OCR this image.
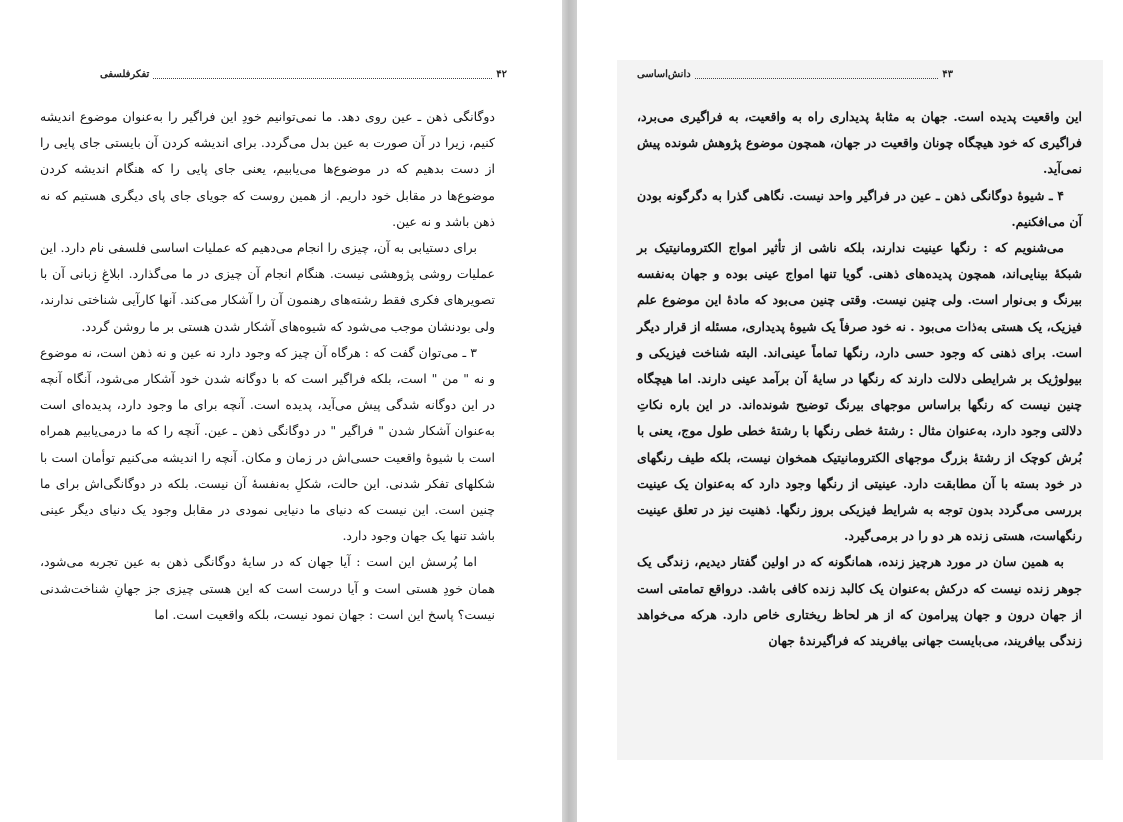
۴۲
تفکرفلسفی

دوگانگی ذهن ـ عین روی دهد. ما نمی‌توانیم خودِ این فراگیر را به‌عنوان موضوع اندیشه کنیم، زیرا در آن صورت به عین بدل می‌گردد. برای اندیشه کردن آن بایستی جای پایی را از دست بدهیم که در موضوع‌ها می‌یابیم، یعنی جای پایی را که هنگام اندیشه کردن موضوع‌ها در مقابل خود داریم. از همین روست که جویای جای پای دیگری هستیم که نه ذهن باشد و نه عین.

برای دستیابی به آن، چیزی را انجام می‌دهیم که عملیات اساسی فلسفی نام دارد. این عملیات روشی پژوهشی نیست. هنگام انجام آن چیزی در ما می‌گذارد. ابلاغِ زبانی آن با تصویرهای فکری فقط رشته‌های رهنمون آن را آشکار می‌کند. آنها کارآیی شناختی ندارند، ولی بودنشان موجب می‌شود که شیوه‌های آشکار شدن هستی بر ما روشن گردد.

۳ ـ می‌توان گفت که : هرگاه آن چیز که وجود دارد نه عین و نه ذهن است، نه موضوع و نه " من " است، بلکه فراگیر است که با دوگانه شدن خود آشکار می‌شود، آنگاه آنچه در این دوگانه شدگی پیش می‌آید، پدیده است. آنچه برای ما وجود دارد، پدیده‌ای است به‌عنوان آشکار شدن " فراگیر " در دوگانگی ذهن ـ عین. آنچه را که ما درمی‌یابیم همراه است با شیوهٔ واقعیت حسی‌اش در زمان و مکان. آنچه را اندیشه می‌کنیم توأمان است با شکلهای تفکر شدنی. این حالت، شکلِ به‌نفسهٔ آن نیست. بلکه در دوگانگی‌اش برای ما چنین است. این نیست که دنیای ما دنیایی نمودی در مقابل وجود یک دنیای دیگر عینی باشد تنها یک جهان وجود دارد.

اما پُرسش این است : آیا جهان که در سایهٔ دوگانگی ذهن به عین تجربه می‌شود، همان خودِ هستی است و آیا درست است که این هستی چیزی جز جهانِ شناخت‌شدنی نیست؟ پاسخ این است : جهان نمود نیست، بلکه واقعیت است. اما

۴۳
دانش‌اساسی

این واقعیت پدیده است. جهان به مثابهٔ پدیداری راه به واقعیت، به فراگیری می‌برد، فراگیری که خود هیچگاه چونان واقعیت در جهان، همچون موضوع پژوهش شونده پیش نمی‌آید.

۴ ـ شیوهٔ دوگانگی ذهن ـ عین در فراگیر واحد نیست. نگاهی گذرا به دگرگونه بودن آن می‌افکنیم.

می‌شنویم که : رنگها عینیت ندارند، بلکه ناشی از تأثیر امواج الکترومانیتیک بر شبکهٔ بینایی‌اند، همچون پدیده‌های ذهنی. گویا تنها امواج عینی بوده و جهان به‌نفسه بیرنگ و بی‌نوار است. ولی چنین نیست. وقتی چنین می‌بود که مادهٔ این موضوع علم فیزیک، یک هستی به‌ذات می‌بود . نه خود صرفاً یک شیوهٔ پدیداری، مسئله از قرار دیگر است. برای ذهنی که وجود حسی دارد، رنگها تماماً عینی‌اند. البته شناخت فیزیکی و بیولوژیک بر شرایطی دلالت دارند که رنگها در سایهٔ آن برآمد عینی دارند. اما هیچگاه چنین نیست که رنگها براساس موجهای بیرنگ توضیح شونده‌اند. در این باره نکاتِ دلالتی وجود دارد، به‌عنوان مثال : رشتهٔ خطی رنگها با رشتهٔ خطی طول موج، یعنی با بُرش کوچک از رشتهٔ بزرگ موجهای الکترومانیتیک همخوان نیست، بلکه طیف رنگهای در خود بسته با آن مطابقت دارد. عینیتی از رنگها وجود دارد که به‌عنوان یک عینیت بررسی می‌گردد بدون توجه به شرایط فیزیکی بروز رنگها. ذهنیت نیز در تعلق عینیت رنگهاست، هستی زنده هر دو را در برمی‌گیرد.

به همین سان در مورد هرچیز زنده، همانگونه که در اولین گفتار دیدیم، زندگی یک جوهر زنده نیست که درکش به‌عنوان یک کالبد زنده کافی باشد. درواقع تمامتی است از جهان درون و جهان پیرامون که از هر لحاظ ریختاری خاص دارد. هرکه می‌خواهد زندگی بیافریند، می‌بایست جهانی بیافریند که فراگیرندهٔ جهان
